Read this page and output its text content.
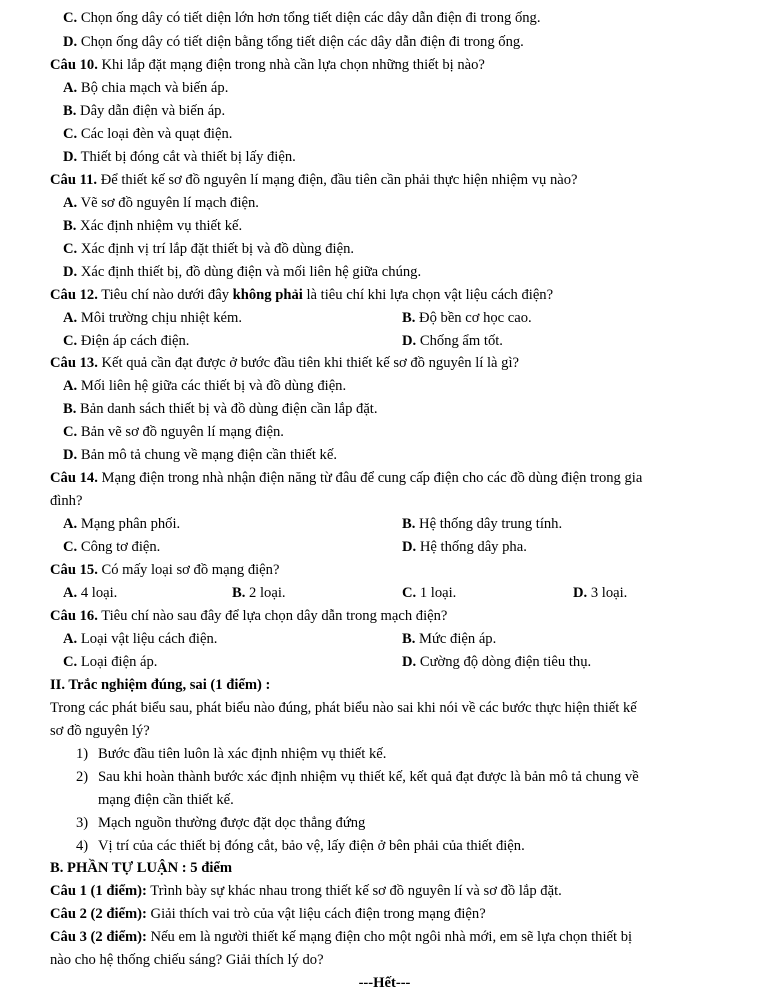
C. Chọn ống dây có tiết diện lớn hơn tổng tiết diện các dây dẫn điện đi trong ống.
D. Chọn ống dây có tiết diện bằng tổng tiết diện các dây dẫn điện đi trong ống.
Câu 10. Khi lắp đặt mạng điện trong nhà cần lựa chọn những thiết bị nào?
A. Bộ chia mạch và biến áp.
B. Dây dẫn điện và biến áp.
C. Các loại đèn và quạt điện.
D. Thiết bị đóng cắt và thiết bị lấy điện.
Câu 11. Để thiết kế sơ đồ nguyên lí mạng điện, đầu tiên cần phải thực hiện nhiệm vụ nào?
A. Vẽ sơ đồ nguyên lí mạch điện.
B. Xác định nhiệm vụ thiết kế.
C. Xác định vị trí lắp đặt thiết bị và đồ dùng điện.
D. Xác định thiết bị, đồ dùng điện và mối liên hệ giữa chúng.
Câu 12. Tiêu chí nào dưới đây không phải là tiêu chí khi lựa chọn vật liệu cách điện?
A. Môi trường chịu nhiệt kém.	B. Độ bền cơ học cao.
C. Điện áp cách điện.	D. Chống ẩm tốt.
Câu 13. Kết quả cần đạt được ở bước đầu tiên khi thiết kế sơ đồ nguyên lí là gì?
A. Mối liên hệ giữa các thiết bị và đồ dùng điện.
B. Bản danh sách thiết bị và đồ dùng điện cần lắp đặt.
C. Bản vẽ sơ đồ nguyên lí mạng điện.
D. Bản mô tả chung về mạng điện cần thiết kế.
Câu 14. Mạng điện trong nhà nhận điện năng từ đâu để cung cấp điện cho các đồ dùng điện trong gia
đình?
A. Mạng phân phối.	B. Hệ thống dây trung tính.
C. Công tơ điện.	D. Hệ thống dây pha.
Câu 15. Có mấy loại sơ đồ mạng điện?
A. 4 loại.	B. 2 loại.	C. 1 loại.	D. 3 loại.
Câu 16. Tiêu chí nào sau đây để lựa chọn dây dẫn trong mạch điện?
A. Loại vật liệu cách điện.	B. Mức điện áp.
C. Loại điện áp.	D. Cường độ dòng điện tiêu thụ.
II. Trắc nghiệm đúng, sai (1 điểm) :
Trong các phát biểu sau, phát biểu nào đúng, phát biểu nào sai khi nói về các bước thực hiện thiết kế
sơ đồ nguyên lý?
1) Bước đầu tiên luôn là xác định nhiệm vụ thiết kế.
2) Sau khi hoàn thành bước xác định nhiệm vụ thiết kế, kết quả đạt được là bản mô tả chung về
mạng điện cần thiết kế.
3) Mạch nguồn thường được đặt dọc thẳng đứng
4) Vị trí của các thiết bị đóng cắt, bảo vệ, lấy điện ở bên phải của thiết điện.
B. PHẦN TỰ LUẬN : 5 điểm
Câu 1 (1 điểm): Trình bày sự khác nhau trong thiết kế sơ đồ nguyên lí và sơ đồ lắp đặt.
Câu 2 (2 điểm): Giải thích vai trò của vật liệu cách điện trong mạng điện?
Câu 3 (2 điểm): Nếu em là người thiết kế mạng điện cho một ngôi nhà mới, em sẽ lựa chọn thiết bị
nào cho hệ thống chiếu sáng? Giải thích lý do?
---Hết---
